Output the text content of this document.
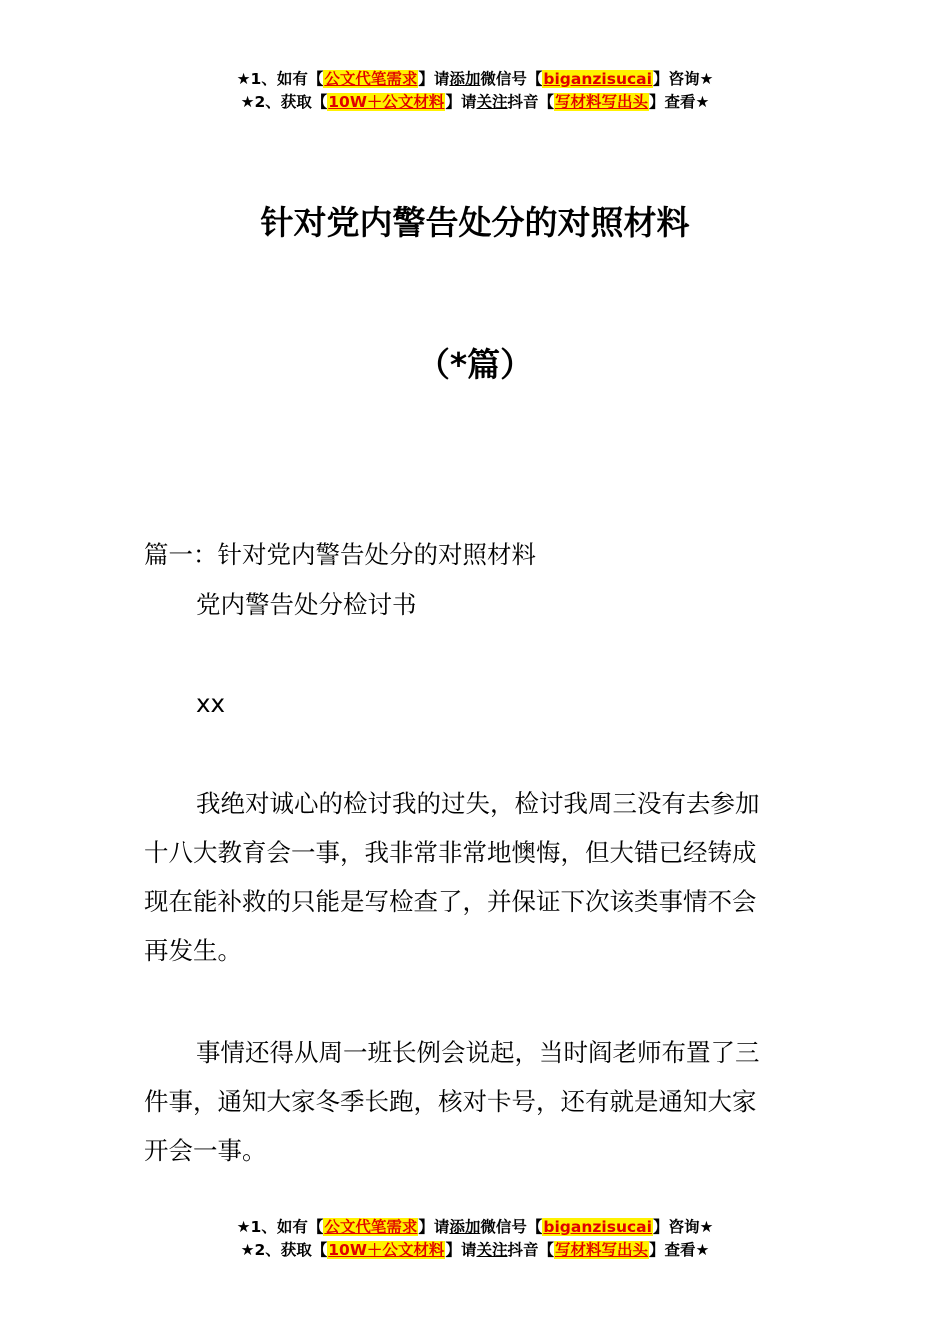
★1、如有【公文代笔需求】请添加微信号【biganzisucai】咨询★
★2、获取【10W＋公文材料】请关注抖音【写材料写出头】查看★
针对党内警告处分的对照材料
（*篇）
篇一：针对党内警告处分的对照材料
党内警告处分检讨书
xx
我绝对诚心的检讨我的过失，检讨我周三没有去参加
十八大教育会一事，我非常非常地懊悔，但大错已经铸成
现在能补救的只能是写检查了，并保证下次该类事情不会
再发生。
事情还得从周一班长例会说起，当时阎老师布置了三
件事，通知大家冬季长跑，核对卡号，还有就是通知大家
开会一事。
★1、如有【公文代笔需求】请添加微信号【biganzisucai】咨询★
★2、获取【10W＋公文材料】请关注抖音【写材料写出头】查看★
